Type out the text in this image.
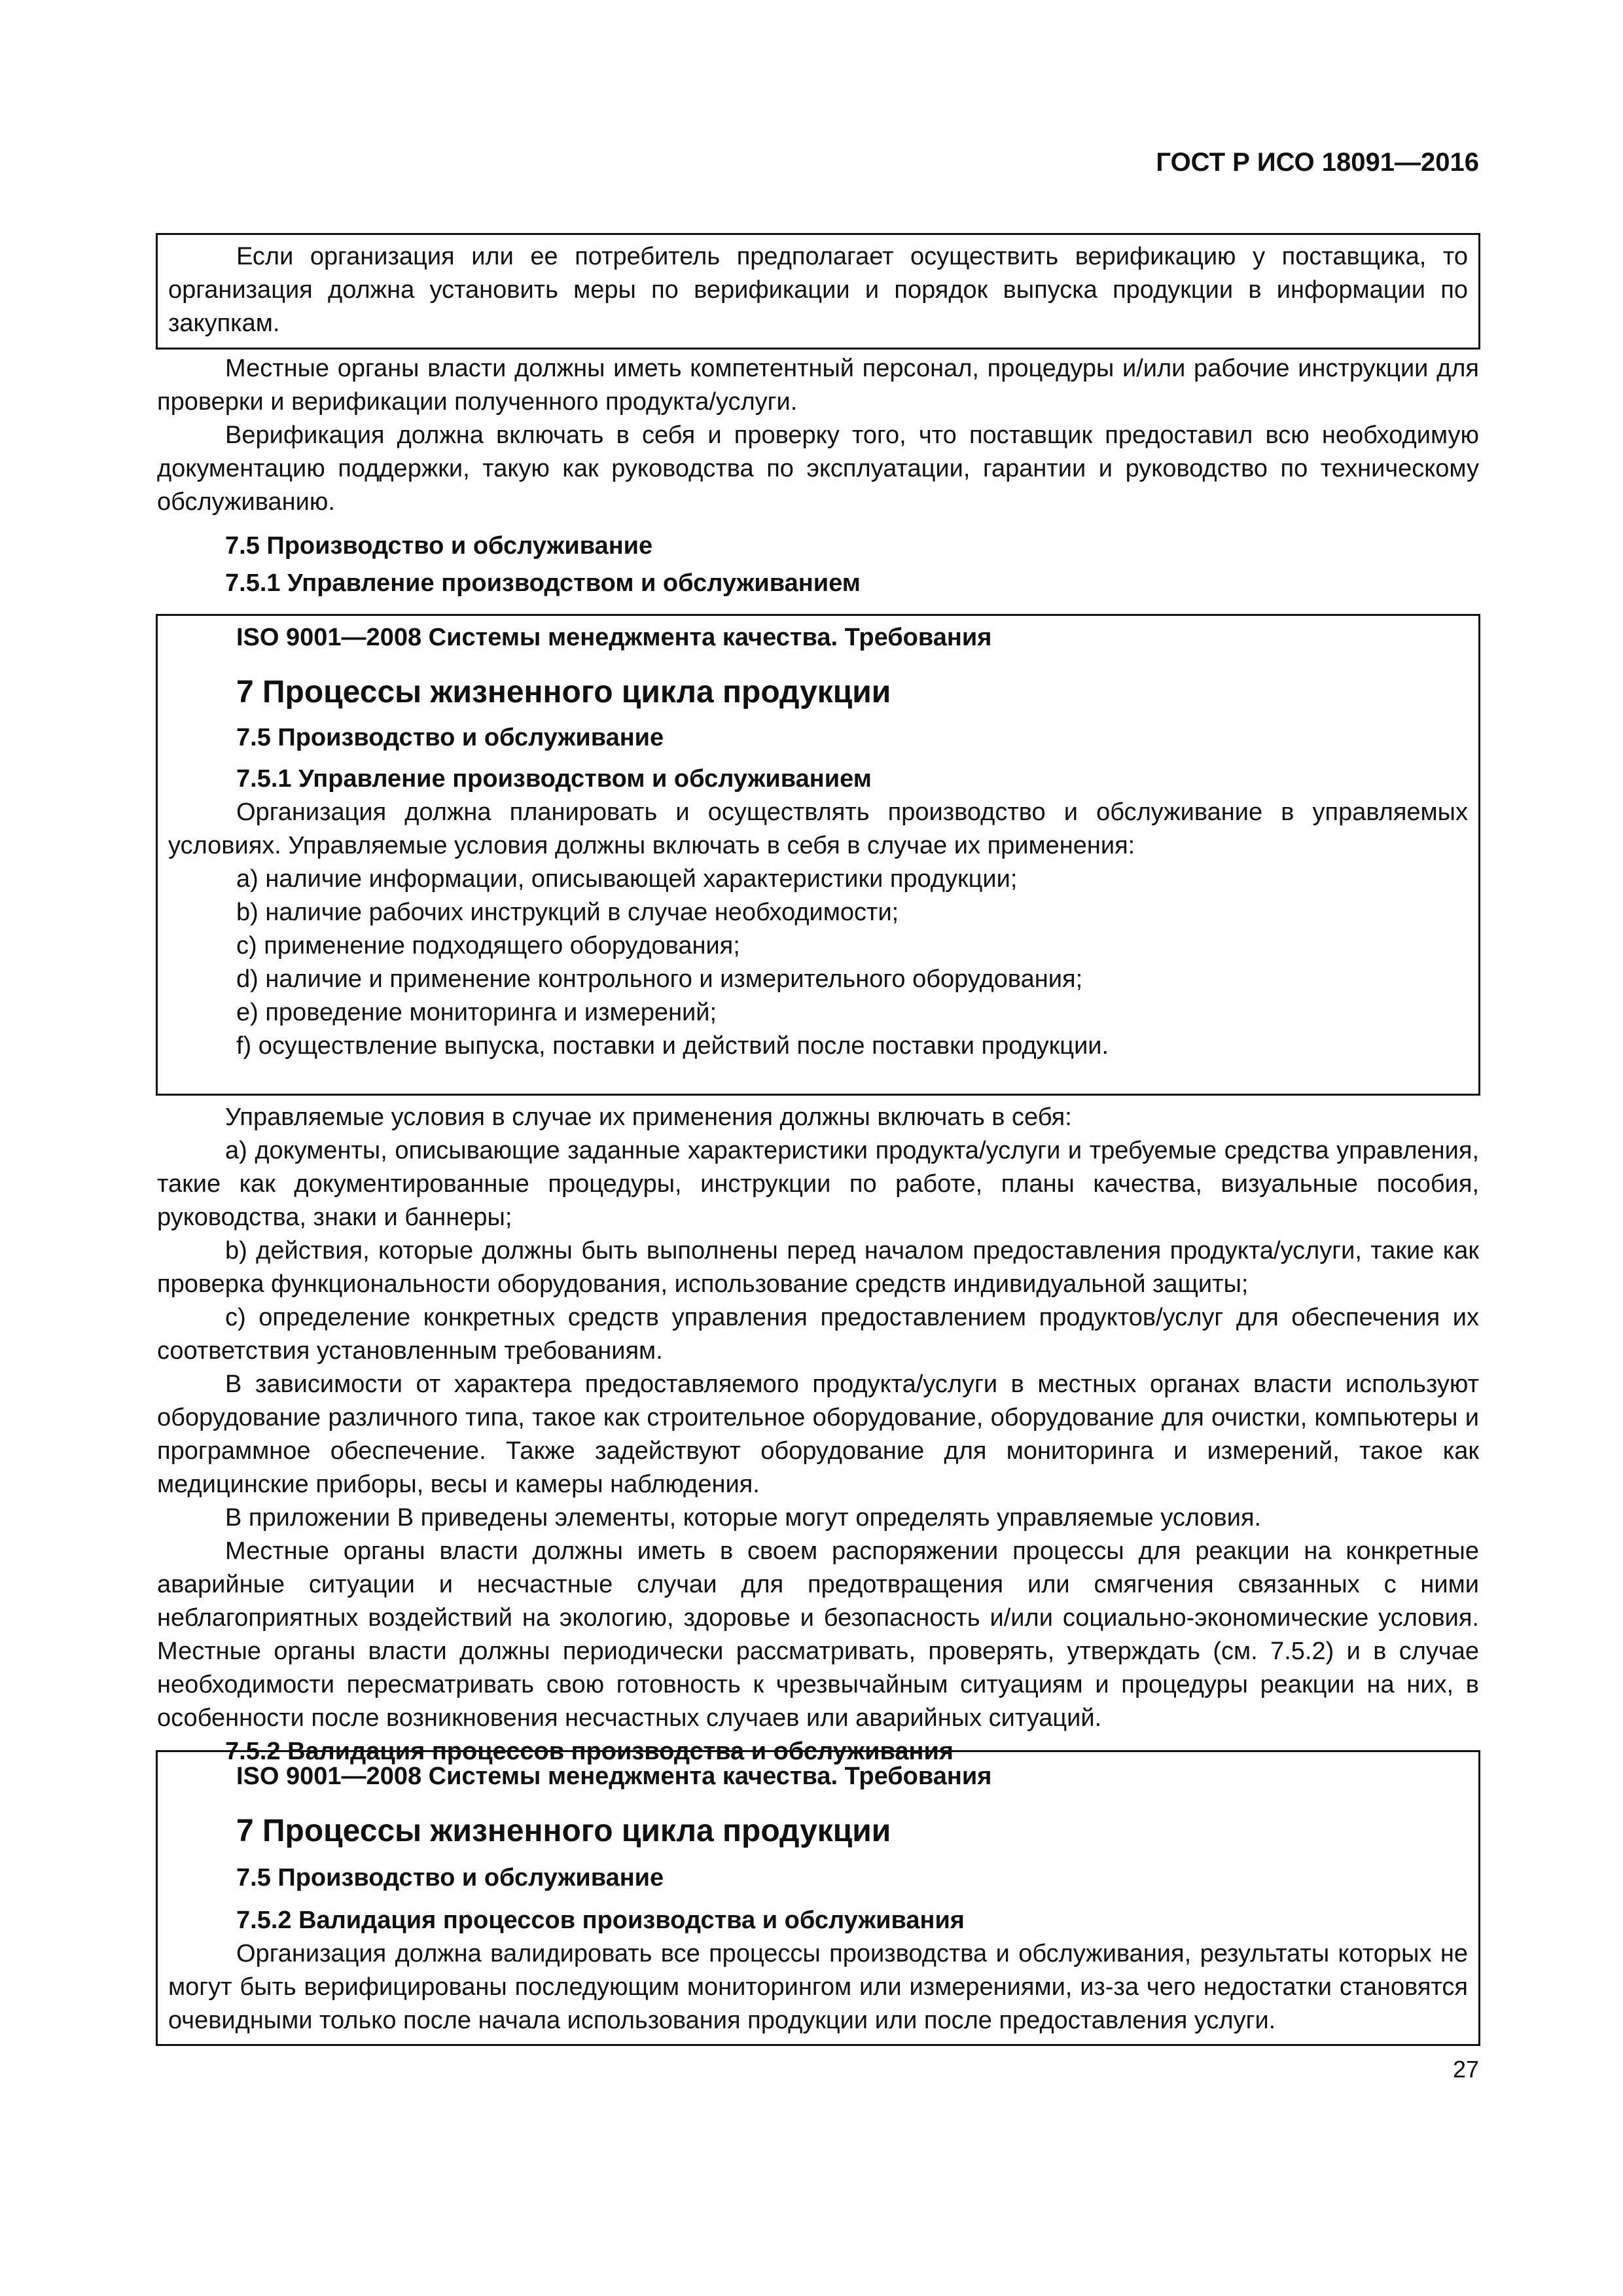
ГОСТ Р ИСО 18091—2016

Если организация или ее потребитель предполагает осуществить верификацию у поставщика, то организация должна установить меры по верификации и порядок выпуска продукции в информации по закупкам.

Местные органы власти должны иметь компетентный персонал, процедуры и/или рабочие инструкции для проверки и верификации полученного продукта/услуги.

Верификация должна включать в себя и проверку того, что поставщик предоставил всю необходимую документацию поддержки, такую как руководства по эксплуатации, гарантии и руководство по техническому обслуживанию.

7.5 Производство и обслуживание

7.5.1 Управление производством и обслуживанием

ISO 9001—2008 Системы менеджмента качества. Требования

7 Процессы жизненного цикла продукции

7.5 Производство и обслуживание

7.5.1 Управление производством и обслуживанием

Организация должна планировать и осуществлять производство и обслуживание в управляемых условиях. Управляемые условия должны включать в себя в случае их применения:

a) наличие информации, описывающей характеристики продукции;

b) наличие рабочих инструкций в случае необходимости;

c) применение подходящего оборудования;

d) наличие и применение контрольного и измерительного оборудования;

e) проведение мониторинга и измерений;

f) осуществление выпуска, поставки и действий после поставки продукции.

Управляемые условия в случае их применения должны включать в себя:

a) документы, описывающие заданные характеристики продукта/услуги и требуемые средства управления, такие как документированные процедуры, инструкции по работе, планы качества, визуальные пособия, руководства, знаки и баннеры;

b) действия, которые должны быть выполнены перед началом предоставления продукта/услуги, такие как проверка функциональности оборудования, использование средств индивидуальной защиты;

c) определение конкретных средств управления предоставлением продуктов/услуг для обеспечения их соответствия установленным требованиям.

В зависимости от характера предоставляемого продукта/услуги в местных органах власти используют оборудование различного типа, такое как строительное оборудование, оборудование для очистки, компьютеры и программное обеспечение. Также задействуют оборудование для мониторинга и измерений, такое как медицинские приборы, весы и камеры наблюдения.

В приложении В приведены элементы, которые могут определять управляемые условия.

Местные органы власти должны иметь в своем распоряжении процессы для реакции на конкретные аварийные ситуации и несчастные случаи для предотвращения или смягчения связанных с ними неблагоприятных воздействий на экологию, здоровье и безопасность и/или социально-экономические условия. Местные органы власти должны периодически рассматривать, проверять, утверждать (см. 7.5.2) и в случае необходимости пересматривать свою готовность к чрезвычайным ситуациям и процедуры реакции на них, в особенности после возникновения несчастных случаев или аварийных ситуаций.

7.5.2 Валидация процессов производства и обслуживания

ISO 9001—2008 Системы менеджмента качества. Требования

7 Процессы жизненного цикла продукции

7.5 Производство и обслуживание

7.5.2 Валидация процессов производства и обслуживания

Организация должна валидировать все процессы производства и обслуживания, результаты которых не могут быть верифицированы последующим мониторингом или измерениями, из-за чего недостатки становятся очевидными только после начала использования продукции или после предоставления услуги.

27
